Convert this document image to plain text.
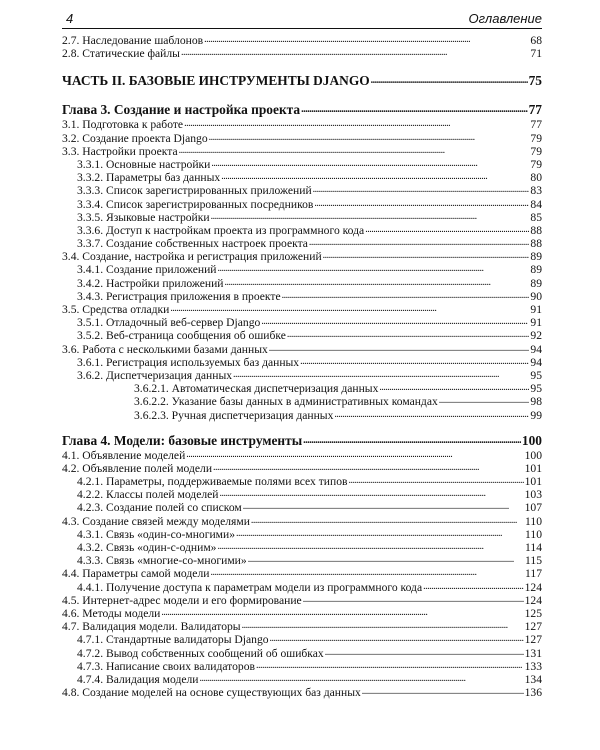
4	Оглавление
2.7. Наследование шаблонов . . .	68
2.8. Статические файлы . . .	71
ЧАСТЬ II. БАЗОВЫЕ ИНСТРУМЕНТЫ DJANGO . . .	75
Глава 3. Создание и настройка проекта . . .	77
3.1. Подготовка к работе . . .	77
3.2. Создание проекта Django . . .	79
3.3. Настройки проекта . . .	79
3.3.1. Основные настройки . . .	79
3.3.2. Параметры баз данных . . .	80
3.3.3. Список зарегистрированных приложений . . .	83
3.3.4. Список зарегистрированных посредников . . .	84
3.3.5. Языковые настройки . . .	85
3.3.6. Доступ к настройкам проекта из программного кода . . .	88
3.3.7. Создание собственных настроек проекта . . .	88
3.4. Создание, настройка и регистрация приложений . . .	89
3.4.1. Создание приложений . . .	89
3.4.2. Настройки приложений . . .	89
3.4.3. Регистрация приложения в проекте . . .	90
3.5. Средства отладки . . .	91
3.5.1. Отладочный веб-сервер Django . . .	91
3.5.2. Веб-страница сообщения об ошибке . . .	92
3.6. Работа с несколькими базами данных . . .	94
3.6.1. Регистрация используемых баз данных . . .	94
3.6.2. Диспетчеризация данных . . .	95
3.6.2.1. Автоматическая диспетчеризация данных . . .	95
3.6.2.2. Указание базы данных в административных командах . . .	98
3.6.2.3. Ручная диспетчеризация данных . . .	99
Глава 4. Модели: базовые инструменты . . .	100
4.1. Объявление моделей . . .	100
4.2. Объявление полей модели . . .	101
4.2.1. Параметры, поддерживаемые полями всех типов . . .	101
4.2.2. Классы полей моделей . . .	103
4.2.3. Создание полей со списком . . .	107
4.3. Создание связей между моделями . . .	110
4.3.1. Связь «один-со-многими» . . .	110
4.3.2. Связь «один-с-одним» . . .	114
4.3.3. Связь «многие-со-многими» . . .	115
4.4. Параметры самой модели . . .	117
4.4.1. Получение доступа к параметрам модели из программного кода . . .	124
4.5. Интернет-адрес модели и его формирование . . .	124
4.6. Методы модели . . .	125
4.7. Валидация модели. Валидаторы . . .	127
4.7.1. Стандартные валидаторы Django . . .	127
4.7.2. Вывод собственных сообщений об ошибках . . .	131
4.7.3. Написание своих валидаторов . . .	133
4.7.4. Валидация модели . . .	134
4.8. Создание моделей на основе существующих баз данных . . .	136
